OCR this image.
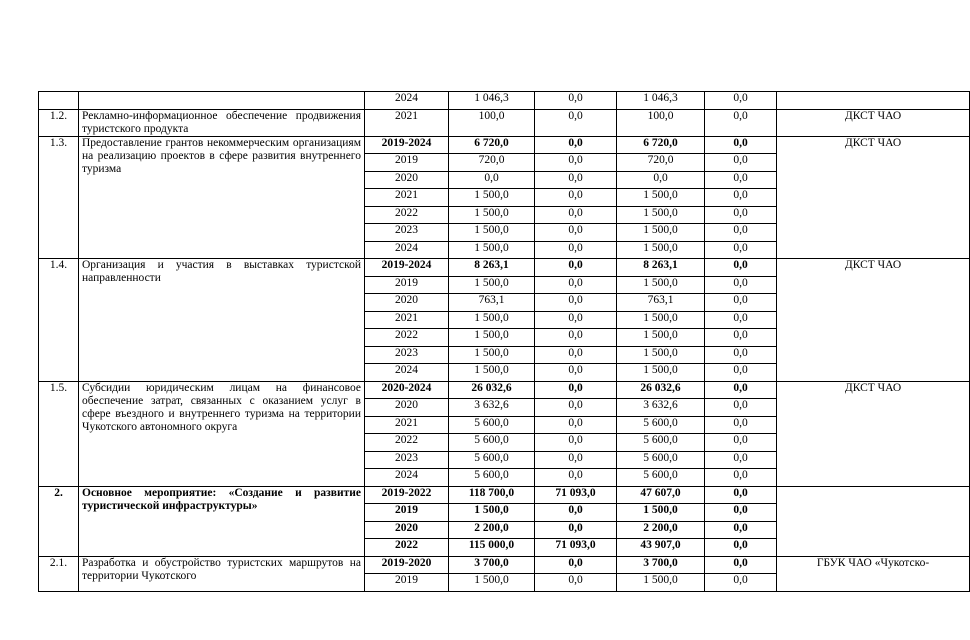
		2024	1 046,3	0,0	1 046,3	0,0	
1.2.	Рекламно-информационное обеспечение продвижения туристского продукта	2021	100,0	0,0	100,0	0,0	ДКСТ ЧАО
1.3.	Предоставление грантов некоммерческим организациям на реализацию проектов в сфере развития внутреннего туризма	2019-2024	6 720,0	0,0	6 720,0	0,0	ДКСТ ЧАО
		2019	720,0	0,0	720,0	0,0	
		2020	0,0	0,0	0,0	0,0	
		2021	1 500,0	0,0	1 500,0	0,0	
		2022	1 500,0	0,0	1 500,0	0,0	
		2023	1 500,0	0,0	1 500,0	0,0	
		2024	1 500,0	0,0	1 500,0	0,0	
1.4.	Организация и участия в выставках туристской направленности	2019-2024	8 263,1	0,0	8 263,1	0,0	ДКСТ ЧАО
		2019	1 500,0	0,0	1 500,0	0,0	
		2020	763,1	0,0	763,1	0,0	
		2021	1 500,0	0,0	1 500,0	0,0	
		2022	1 500,0	0,0	1 500,0	0,0	
		2023	1 500,0	0,0	1 500,0	0,0	
		2024	1 500,0	0,0	1 500,0	0,0	
1.5.	Субсидии юридическим лицам на финансовое обеспечение затрат, связанных с оказанием услуг в сфере въездного и внутреннего туризма на территории Чукотского автономного округа	2020-2024	26 032,6	0,0	26 032,6	0,0	ДКСТ ЧАО
		2020	3 632,6	0,0	3 632,6	0,0	
		2021	5 600,0	0,0	5 600,0	0,0	
		2022	5 600,0	0,0	5 600,0	0,0	
		2023	5 600,0	0,0	5 600,0	0,0	
		2024	5 600,0	0,0	5 600,0	0,0	
2.	Основное мероприятие: «Создание и развитие туристической инфраструктуры»	2019-2022	118 700,0	71 093,0	47 607,0	0,0	
		2019	1 500,0	0,0	1 500,0	0,0	
		2020	2 200,0	0,0	2 200,0	0,0	
		2022	115 000,0	71 093,0	43 907,0	0,0	
2.1.	Разработка и обустройство туристских маршрутов на территории Чукотского	2019-2020	3 700,0	0,0	3 700,0	0,0	ГБУК ЧАО «Чукотско-
		2019	1 500,0	0,0	1 500,0	0,0	
